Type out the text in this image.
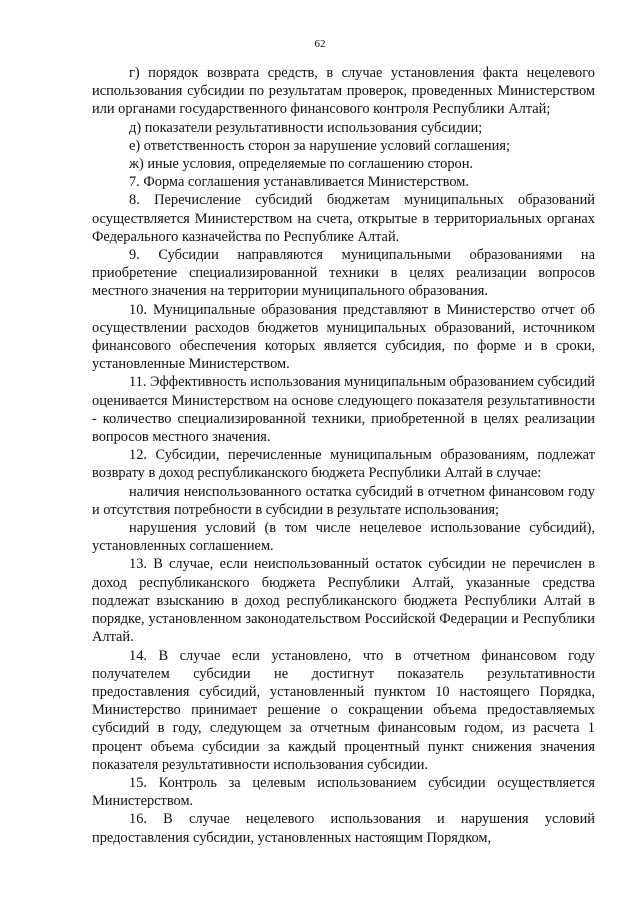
62

г) порядок возврата средств, в случае установления факта нецелевого использования субсидии по результатам проверок, проведенных Министерством или органами государственного финансового контроля Республики Алтай;

д) показатели результативности использования субсидии;

е) ответственность сторон за нарушение условий соглашения;

ж) иные условия, определяемые по соглашению сторон.

7. Форма соглашения устанавливается Министерством.

8. Перечисление субсидий бюджетам муниципальных образований осуществляется Министерством на счета, открытые в территориальных органах Федерального казначейства по Республике Алтай.

9. Субсидии направляются муниципальными образованиями на приобретение специализированной техники в целях реализации вопросов местного значения на территории муниципального образования.

10. Муниципальные образования представляют в Министерство отчет об осуществлении расходов бюджетов муниципальных образований, источником финансового обеспечения которых является субсидия, по форме и в сроки, установленные Министерством.

11. Эффективность использования муниципальным образованием субсидий оценивается Министерством на основе следующего показателя результативности - количество специализированной техники, приобретенной в целях реализации вопросов местного значения.

12. Субсидии, перечисленные муниципальным образованиям, подлежат возврату в доход республиканского бюджета Республики Алтай в случае:

наличия неиспользованного остатка субсидий в отчетном финансовом году и отсутствия потребности в субсидии в результате использования;

нарушения условий (в том числе нецелевое использование субсидий), установленных соглашением.

13. В случае, если неиспользованный остаток субсидии не перечислен в доход республиканского бюджета Республики Алтай, указанные средства подлежат взысканию в доход республиканского бюджета Республики Алтай в порядке, установленном законодательством Российской Федерации и Республики Алтай.

14. В случае если установлено, что в отчетном финансовом году получателем субсидии не достигнут показатель результативности предоставления субсидий, установленный пунктом 10 настоящего Порядка, Министерство принимает решение о сокращении объема предоставляемых субсидий в году, следующем за отчетным финансовым годом, из расчета 1 процент объема субсидии за каждый процентный пункт снижения значения показателя результативности использования субсидии.

15. Контроль за целевым использованием субсидии осуществляется Министерством.

16. В случае нецелевого использования и нарушения условий предоставления субсидии, установленных настоящим Порядком,
